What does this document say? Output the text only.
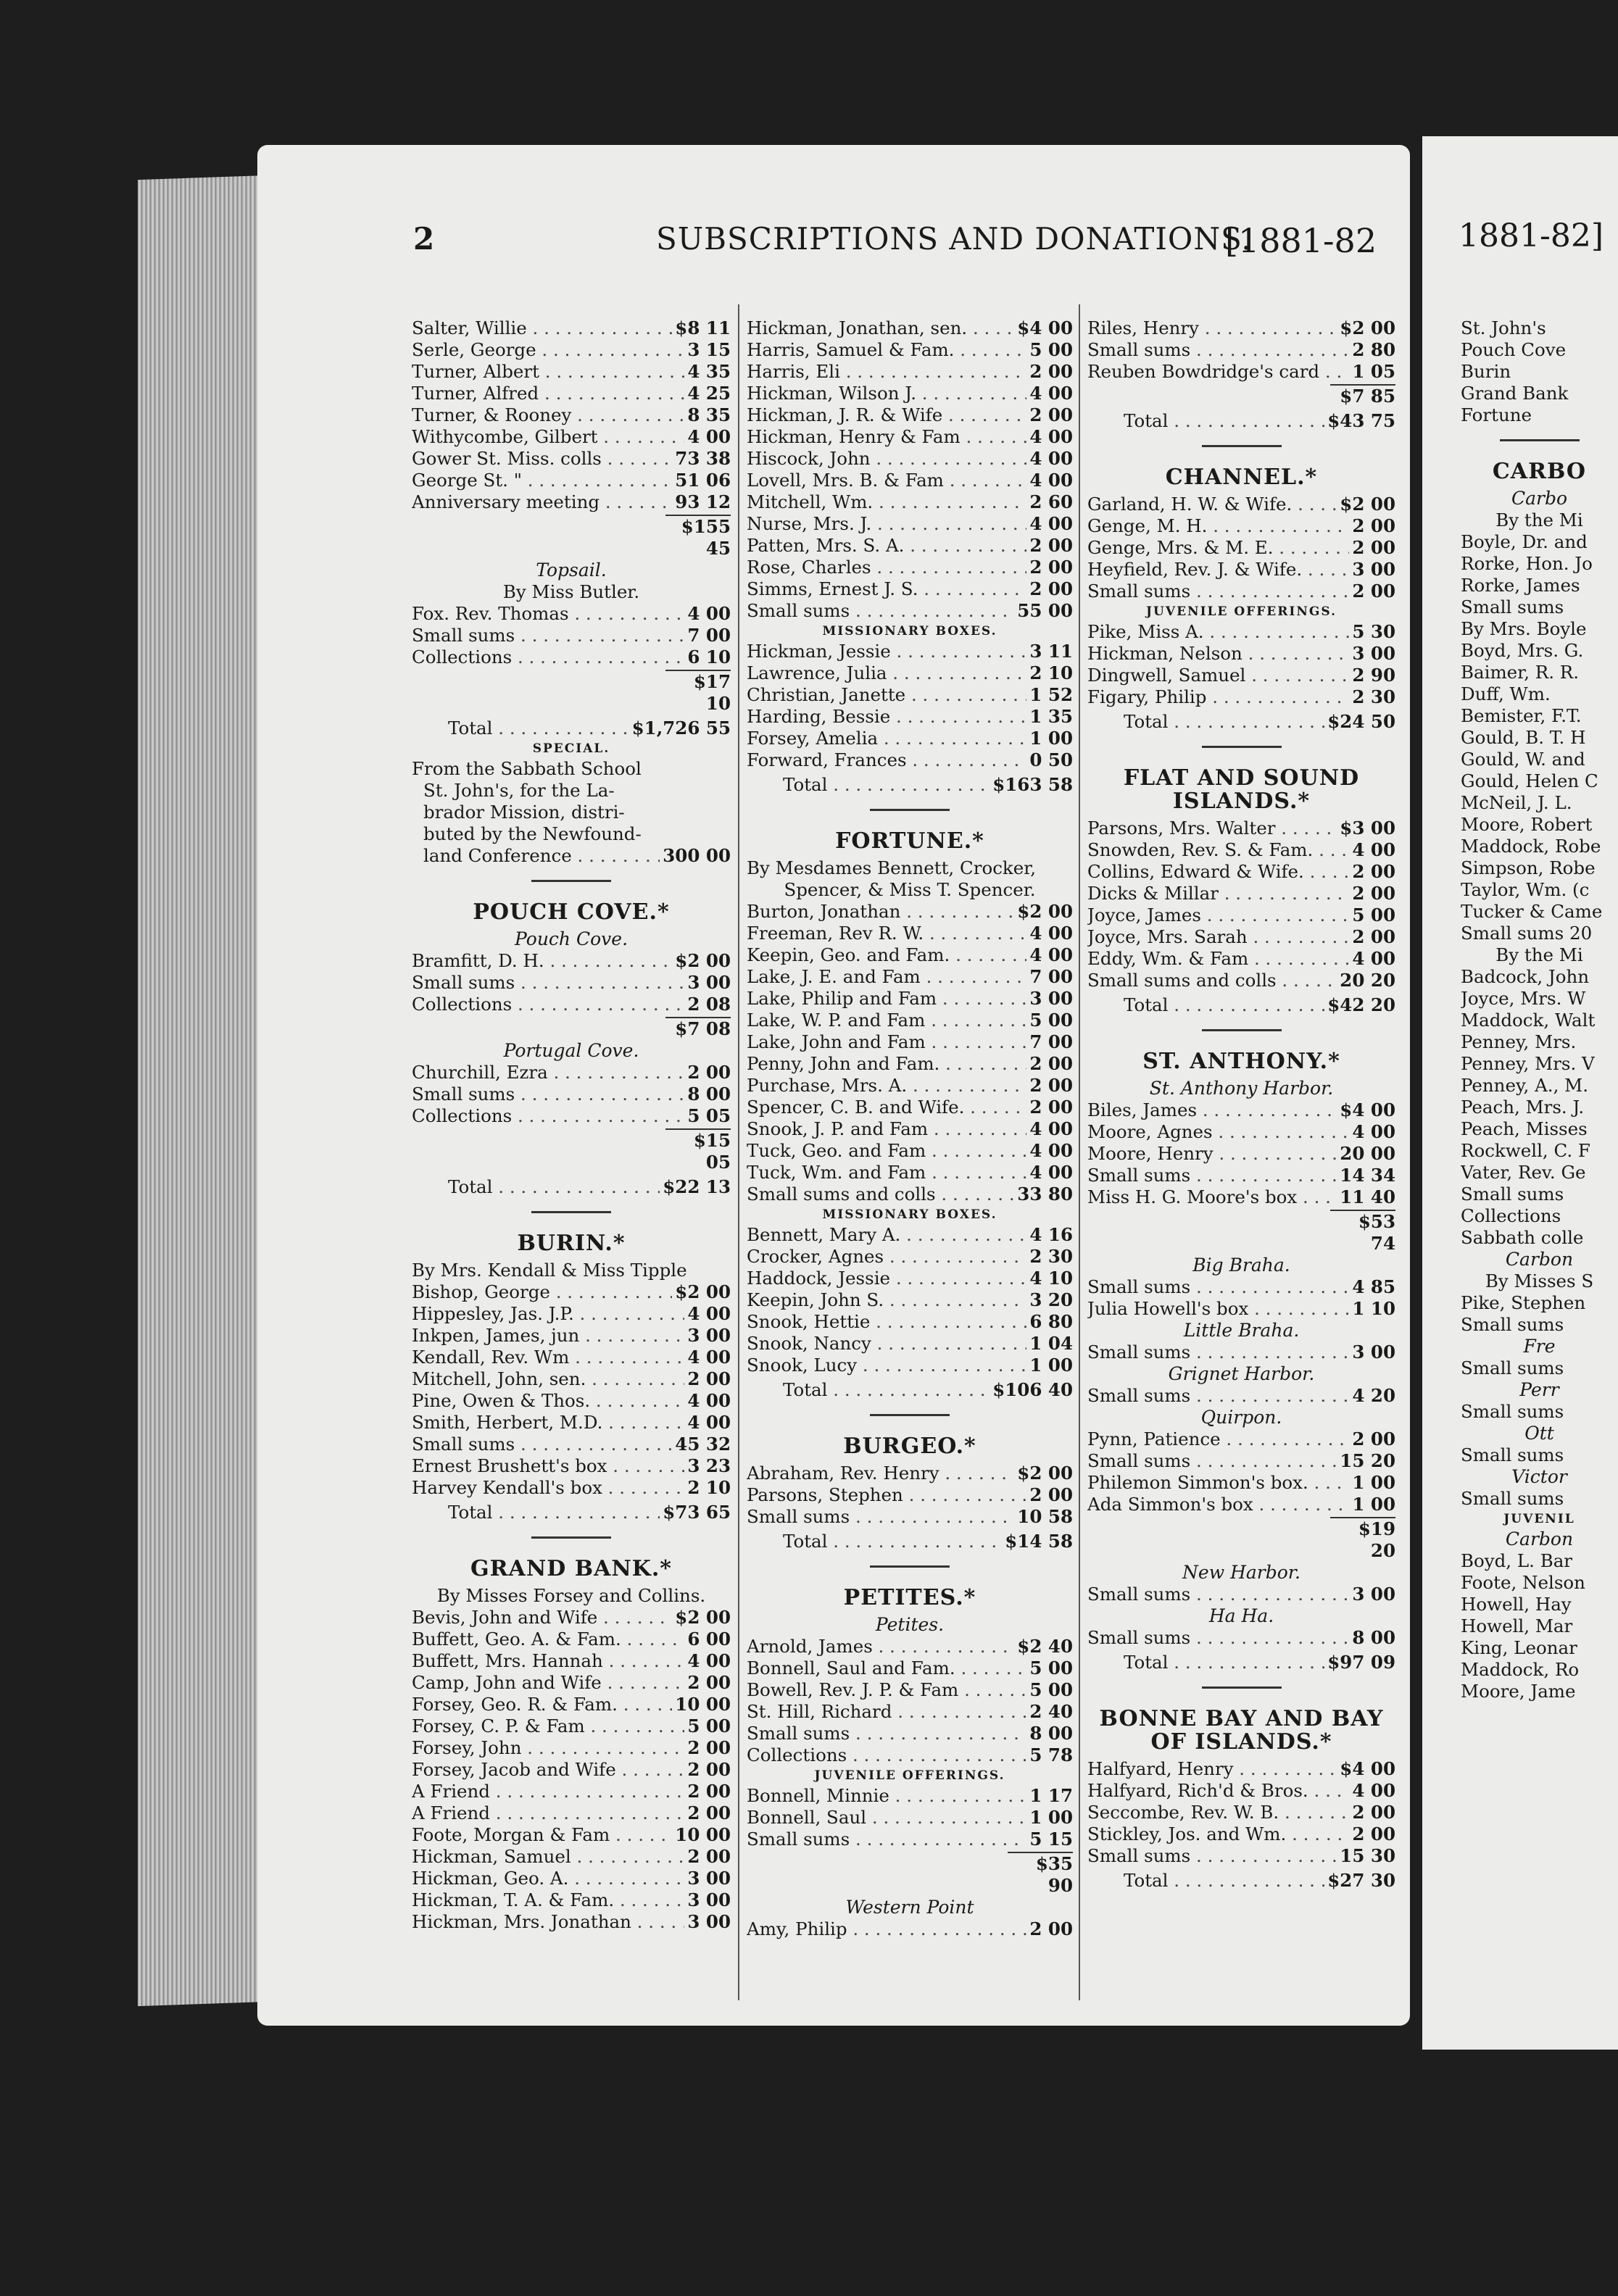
2	SUBSCRIPTIONS AND DONATIONS.
[1881-82	1881-82]
Salter, Willie . . .	$8 11
Serle, George . . .	3 15
Turner, Albert . . .	4 35
Turner, Alfred . . .	4 25
Turner, & Rooney . . .	8 35
Withycombe, Gilbert . . .	4 00
Gower St. Miss. colls . . .	73 38
George St. " . . .	51 06
Anniversary meeting . . .	93 12
$155 45
Topsail.
By Miss Butler.
Fox. Rev. Thomas . . .	4 00
Small sums . . .	7 00
Collections . . .	6 10
$17 10
Total . . .	$1,726 55
SPECIAL.
From the Sabbath School
St. John's, for the La-
brador Mission, distri-
buted by the Newfound-
land Conference . . .	300 00
POUCH COVE.*
Pouch Cove.
Bramfitt, D. H. . . .	$2 00
Small sums . . .	3 00
Collections . . .	2 08
$7 08
Portugal Cove.
Churchill, Ezra . . .	2 00
Small sums . . .	8 00
Collections . . .	5 05
$15 05
Total . . .	$22 13
BURIN.*
By Mrs. Kendall & Miss Tipple
Bishop, George . . .	$2 00
Hippesley, Jas. J.P. . . .	4 00
Inkpen, James, jun . . .	3 00
Kendall, Rev. Wm . . .	4 00
Mitchell, John, sen. . . .	2 00
Pine, Owen & Thos. . . .	4 00
Smith, Herbert, M.D. . . .	4 00
Small sums . . .	45 32
Ernest Brushett's box . . .	3 23
Harvey Kendall's box . . .	2 10
Total . . .	$73 65
GRAND BANK.*
By Misses Forsey and Collins.
Bevis, John and Wife . . .	$2 00
Buffett, Geo. A. & Fam. . . .	6 00
Buffett, Mrs. Hannah . . .	4 00
Camp, John and Wife . . .	2 00
Forsey, Geo. R. & Fam. . . .	10 00
Forsey, C. P. & Fam . . .	5 00
Forsey, John . . .	2 00
Forsey, Jacob and Wife . . .	2 00
A Friend . . .	2 00
A Friend . . .	2 00
Foote, Morgan & Fam . . .	10 00
Hickman, Samuel . . .	2 00
Hickman, Geo. A. . . .	3 00
Hickman, T. A. & Fam. . . .	3 00
Hickman, Mrs. Jonathan . . .	3 00
Hickman, Jonathan, sen. . . .	$4 00
Harris, Samuel & Fam. . . .	5 00
Harris, Eli . . .	2 00
Hickman, Wilson J. . . .	4 00
Hickman, J. R. & Wife . . .	2 00
Hickman, Henry & Fam . . .	4 00
Hiscock, John . . .	4 00
Lovell, Mrs. B. & Fam . . .	4 00
Mitchell, Wm. . . .	2 60
Nurse, Mrs. J. . . .	4 00
Patten, Mrs. S. A. . . .	2 00
Rose, Charles . . .	2 00
Simms, Ernest J. S. . . .	2 00
Small sums . . .	55 00
MISSIONARY BOXES.
Hickman, Jessie . . .	3 11
Lawrence, Julia . . .	2 10
Christian, Janette . . .	1 52
Harding, Bessie . . .	1 35
Forsey, Amelia . . .	1 00
Forward, Frances . . .	0 50
Total . . .	$163 58
FORTUNE.*
By Mesdames Bennett, Crocker,
Spencer, & Miss T. Spencer.
Burton, Jonathan . . .	$2 00
Freeman, Rev R. W. . . .	4 00
Keepin, Geo. and Fam. . . .	4 00
Lake, J. E. and Fam . . .	7 00
Lake, Philip and Fam . . .	3 00
Lake, W. P. and Fam . . .	5 00
Lake, John and Fam . . .	7 00
Penny, John and Fam. . . .	2 00
Purchase, Mrs. A. . . .	2 00
Spencer, C. B. and Wife. . . .	2 00
Snook, J. P. and Fam . . .	4 00
Tuck, Geo. and Fam . . .	4 00
Tuck, Wm. and Fam . . .	4 00
Small sums and colls . . .	33 80
MISSIONARY BOXES.
Bennett, Mary A. . . .	4 16
Crocker, Agnes . . .	2 30
Haddock, Jessie . . .	4 10
Keepin, John S. . . .	3 20
Snook, Hettie . . .	6 80
Snook, Nancy . . .	1 04
Snook, Lucy . . .	1 00
Total . . .	$106 40
BURGEO.*
Abraham, Rev. Henry . . .	$2 00
Parsons, Stephen . . .	2 00
Small sums . . .	10 58
Total . . .	$14 58
PETITES.*
Petites.
Arnold, James . . .	$2 40
Bonnell, Saul and Fam. . . .	5 00
Bowell, Rev. J. P. & Fam . . .	5 00
St. Hill, Richard . . .	2 40
Small sums . . .	8 00
Collections . . .	5 78
JUVENILE OFFERINGS.
Bonnell, Minnie . . .	1 17
Bonnell, Saul . . .	1 00
Small sums . . .	5 15
$35 90
Western Point
Amy, Philip . . .	2 00
Riles, Henry . . .	$2 00
Small sums . . .	2 80
Reuben Bowdridge's card . . .	1 05
$7 85
Total . . .	$43 75
CHANNEL.*
Garland, H. W. & Wife. . . .	$2 00
Genge, M. H. . . .	2 00
Genge, Mrs. & M. E. . . .	2 00
Heyfield, Rev. J. & Wife. . . .	3 00
Small sums . . .	2 00
JUVENILE OFFERINGS.
Pike, Miss A. . . .	5 30
Hickman, Nelson . . .	3 00
Dingwell, Samuel . . .	2 90
Figary, Philip . . .	2 30
Total . . .	$24 50
FLAT AND SOUND ISLANDS.*
Parsons, Mrs. Walter . . .	$3 00
Snowden, Rev. S. & Fam. . . .	4 00
Collins, Edward & Wife. . . .	2 00
Dicks & Millar . . .	2 00
Joyce, James . . .	5 00
Joyce, Mrs. Sarah . . .	2 00
Eddy, Wm. & Fam . . .	4 00
Small sums and colls . . .	20 20
Total . . .	$42 20
ST. ANTHONY.*
St. Anthony Harbor.
Biles, James . . .	$4 00
Moore, Agnes . . .	4 00
Moore, Henry . . .	20 00
Small sums . . .	14 34
Miss H. G. Moore's box . . .	11 40
$53 74
Big Braha.
Small sums . . .	4 85
Julia Howell's box . . .	1 10
Little Braha.
Small sums . . .	3 00
Grignet Harbor.
Small sums . . .	4 20
Quirpon.
Pynn, Patience . . .	2 00
Small sums . . .	15 20
Philemon Simmon's box. . . .	1 00
Ada Simmon's box . . .	1 00
$19 20
New Harbor.
Small sums . . .	3 00
Ha Ha.
Small sums . . .	8 00
Total . . .	$97 09
BONNE BAY AND BAY OF ISLANDS.*
Halfyard, Henry . . .	$4 00
Halfyard, Rich'd & Bros. . . .	4 00
Seccombe, Rev. W. B. . . .	2 00
Stickley, Jos. and Wm. . . .	2 00
Small sums . . .	15 30
Total . . .	$27 30
St. John's
Pouch Cove
Burin
Grand Bank
Fortune
CARBO
Carbo
By the Mi
Boyle, Dr. and
Rorke, Hon. Jo
Rorke, James
Small sums
By Mrs. Boyle
Boyd, Mrs. G.
Baimer, R. R.
Duff, Wm.
Bemister, F.T.
Gould, B. T. H
Gould, W. and
Gould, Helen C
McNeil, J. L.
Moore, Robert
Maddock, Robe
Simpson, Robe
Taylor, Wm. (c
Tucker & Came
Small sums 20
By the Mi
Badcock, John
Joyce, Mrs. W
Maddock, Walt
Penney, Mrs.
Penney, Mrs. V
Penney, A., M.
Peach, Mrs. J.
Peach, Misses
Rockwell, C. F
Vater, Rev. Ge
Small sums
Collections
Sabbath colle
Carbon
By Misses S
Pike, Stephen
Small sums
Fre
Small sums
Perr
Small sums
Ott
Small sums
Victor
Small sums
JUVENIL
Carbon
Boyd, L. Bar
Foote, Nelson
Howell, Hay
Howell, Mar
King, Leonar
Maddock, Ro
Moore, Jame
